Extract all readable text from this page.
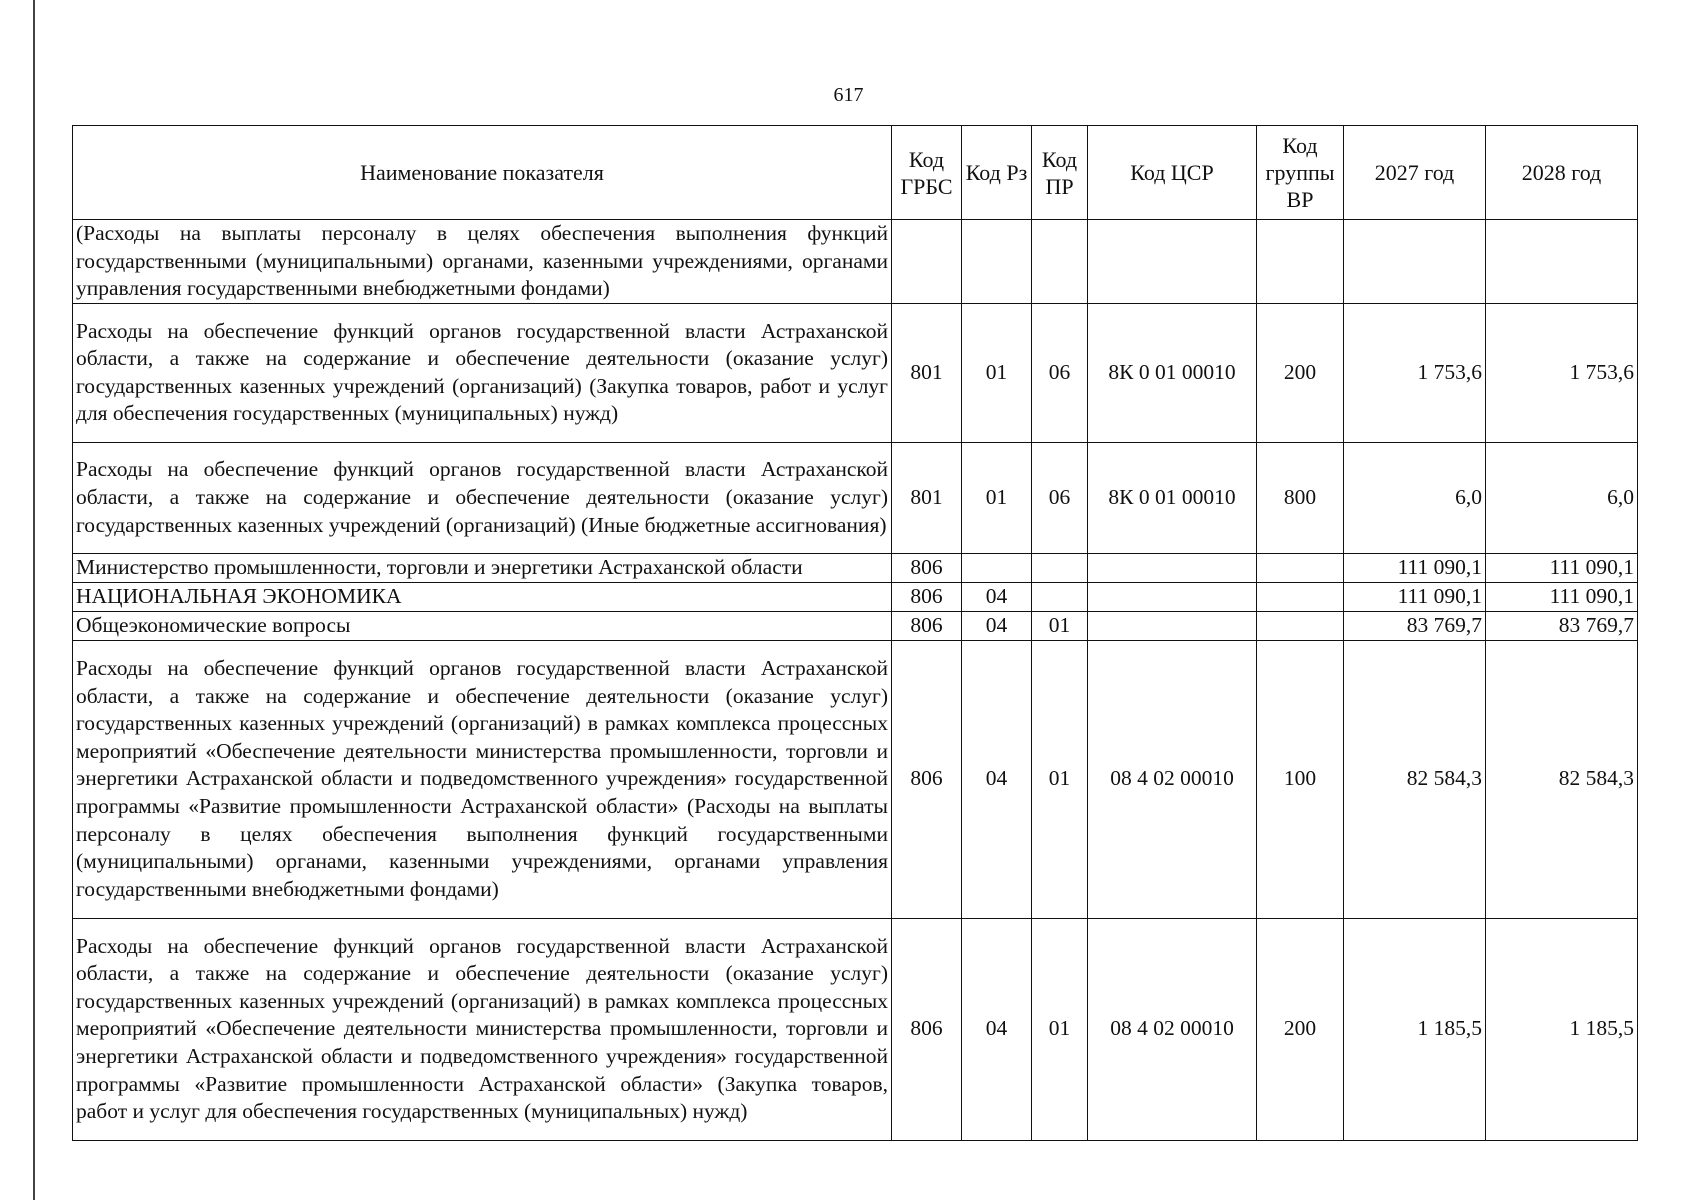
617
Наименование показателя	Код ГРБС	Код Рз	Код ПР	Код ЦСР	Код группы ВР	2027 год	2028 год
(Расходы на выплаты персоналу в целях обеспечения выполнения функций государственными (муниципальными) органами, казенными учреждениями, органами управления государственными внебюджетными фондами)							
Расходы на обеспечение функций органов государственной власти Астраханской области, а также на содержание и обеспечение деятельности (оказание услуг) государственных казенных учреждений (организаций) (Закупка товаров, работ и услуг для обеспечения государственных (муниципальных) нужд)	801	01	06	8К 0 01 00010	200	1 753,6	1 753,6
Расходы на обеспечение функций органов государственной власти Астраханской области, а также на содержание и обеспечение деятельности (оказание услуг) государственных казенных учреждений (организаций) (Иные бюджетные ассигнования)	801	01	06	8К 0 01 00010	800	6,0	6,0
Министерство промышленности, торговли и энергетики Астраханской области	806					111 090,1	111 090,1
НАЦИОНАЛЬНАЯ ЭКОНОМИКА	806	04				111 090,1	111 090,1
Общеэкономические вопросы	806	04	01			83 769,7	83 769,7
Расходы на обеспечение функций органов государственной власти Астраханской области, а также на содержание и обеспечение деятельности (оказание услуг) государственных казенных учреждений (организаций) в рамках комплекса процессных мероприятий «Обеспечение деятельности министерства промышленности, торговли и энергетики Астраханской области и подведомственного учреждения» государственной программы «Развитие промышленности Астраханской области» (Расходы на выплаты персоналу в целях обеспечения выполнения функций государственными (муниципальными) органами, казенными учреждениями, органами управления государственными внебюджетными фондами)	806	04	01	08 4 02 00010	100	82 584,3	82 584,3
Расходы на обеспечение функций органов государственной власти Астраханской области, а также на содержание и обеспечение деятельности (оказание услуг) государственных казенных учреждений (организаций) в рамках комплекса процессных мероприятий «Обеспечение деятельности министерства промышленности, торговли и энергетики Астраханской области и подведомственного учреждения» государственной программы «Развитие промышленности Астраханской области» (Закупка товаров, работ и услуг для обеспечения государственных (муниципальных) нужд)	806	04	01	08 4 02 00010	200	1 185,5	1 185,5
